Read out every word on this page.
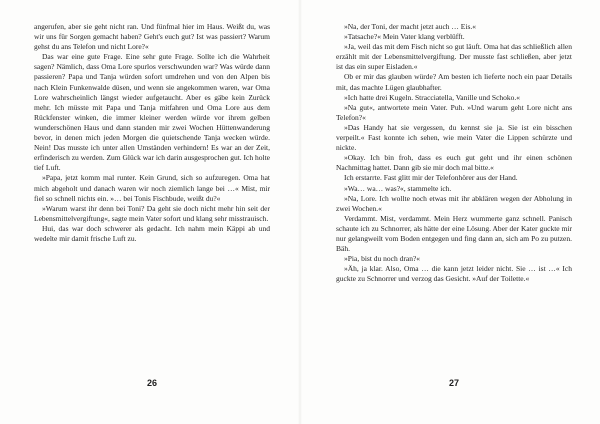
angerufen, aber sie geht nicht ran. Und fünfmal hier im Haus. Weißt du, was wir uns für Sorgen gemacht haben? Geht's euch gut? Ist was passiert? Warum gehst du ans Telefon und nicht Lore?«

Das war eine gute Frage. Eine sehr gute Frage. Sollte ich die Wahrheit sagen? Nämlich, dass Oma Lore spurlos verschwunden war? Was würde dann passieren? Papa und Tanja würden sofort umdrehen und von den Alpen bis nach Klein Funkenwalde düsen, und wenn sie angekommen waren, war Oma Lore wahrscheinlich längst wieder aufgetaucht. Aber es gäbe kein Zurück mehr. Ich müsste mit Papa und Tanja mitfahren und Oma Lore aus dem Rückfenster winken, die immer kleiner werden würde vor ihrem gelben wunderschönen Haus und dann standen mir zwei Wochen Hüttenwanderung bevor, in denen mich jeden Morgen die quietschende Tanja wecken würde. Nein! Das musste ich unter allen Umständen verhindern! Es war an der Zeit, erfinderisch zu werden. Zum Glück war ich darin ausgesprochen gut. Ich holte tief Luft.

»Papa, jetzt komm mal runter. Kein Grund, sich so aufzuregen. Oma hat mich abgeholt und danach waren wir noch ziemlich lange bei …« Mist, mir fiel so schnell nichts ein. »… bei Tonis Fischbude, weißt du?«

»Warum warst ihr denn bei Toni? Da geht sie doch nicht mehr hin seit der Lebensmittelvergiftung«, sagte mein Vater sofort und klang sehr misstrauisch.

Hui, das war doch schwerer als gedacht. Ich nahm mein Käppi ab und wedelte mir damit frische Luft zu.

»Na, der Toni, der macht jetzt auch … Eis.«

»Tatsache?« Mein Vater klang verblüfft.

»Ja, weil das mit dem Fisch nicht so gut läuft. Oma hat das schließlich allen erzählt mit der Lebensmittelvergiftung. Der musste fast schließen, aber jetzt ist das ein super Eisladen.«

Ob er mir das glauben würde? Am besten ich lieferte noch ein paar Details mit, das machte Lügen glaubhafter.

»Ich hatte drei Kugeln. Stracciatella, Vanille und Schoko.«

»Na gut«, antwortete mein Vater. Puh. »Und warum geht Lore nicht ans Telefon?«

»Das Handy hat sie vergessen, du kennst sie ja. Sie ist ein bisschen verpeilt.« Fast konnte ich sehen, wie mein Vater die Lippen schürzte und nickte.

»Okay. Ich bin froh, dass es euch gut geht und ihr einen schönen Nachmittag hattet. Dann gib sie mir doch mal bitte.«

Ich erstarrte. Fast glitt mir der Telefonhörer aus der Hand.

»Wa… wa… was?«, stammelte ich.

»Na, Lore. Ich wollte noch etwas mit ihr abklären wegen der Abholung in zwei Wochen.«

Verdammt. Mist, verdammt. Mein Herz wummerte ganz schnell. Panisch schaute ich zu Schnorrer, als hätte der eine Lösung. Aber der Kater guckte mir nur gelangweilt vom Boden entgegen und fing dann an, sich am Po zu putzen. Bäh.

»Pia, bist du noch dran?«

»Äh, ja klar. Also, Oma … die kann jetzt leider nicht. Sie … ist …« Ich guckte zu Schnorrer und verzog das Gesicht. »Auf der Toilette.«

26	27
